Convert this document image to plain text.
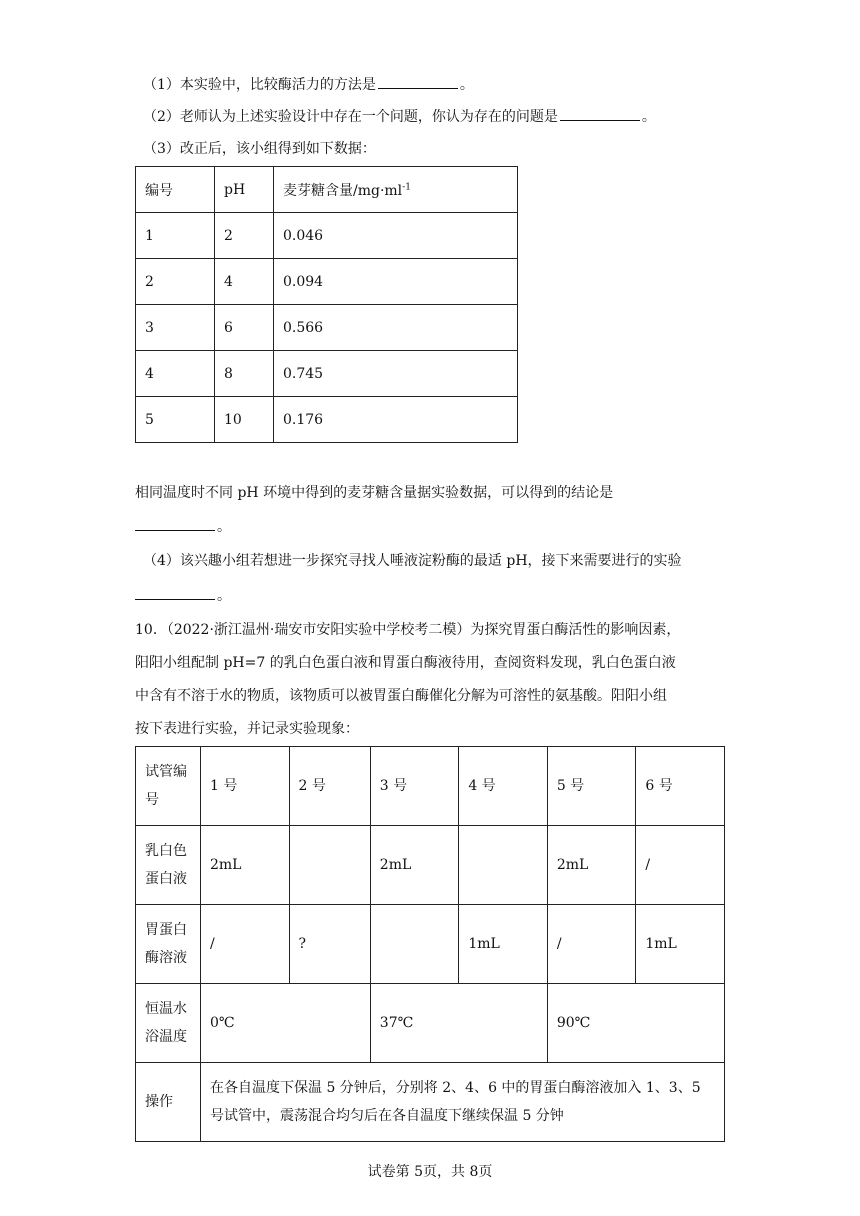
（1）本实验中，比较酶活力的方法是	。
（2）老师认为上述实验设计中存在一个问题，你认为存在的问题是	。
（3）改正后，该小组得到如下数据：
编号	pH	麦芽糖含量$/mg\cdot ml^{-1}$
1	2	0.046
2	4	0.094
3	6	0.566
4	8	0.745
5	10	0.176
相同温度时不同 pH 环境中得到的麦芽糖含量据实验数据，可以得到的结论是
。
（4）该兴趣小组若想进一步探究寻找人唾液淀粉酶的最适 pH，接下来需要进行的实验
。
10．（2022·浙江温州·瑞安市安阳实验中学校考二模）为探究胃蛋白酶活性的影响因素，
阳阳小组配制 pH=7 的乳白色蛋白液和胃蛋白酶液待用，查阅资料发现，乳白色蛋白液
中含有不溶于水的物质，该物质可以被胃蛋白酶催化分解为可溶性的氨基酸。阳阳小组
按下表进行实验，并记录实验现象：
试管编
号	1 号	2 号	3 号	4 号	5 号	6 号
乳白色
蛋白液	2mL		2mL		2mL	/
胃蛋白
酶溶液	/	?		1mL	/	1mL
恒温水
浴温度	0℃		37℃		90℃	
操作	在各自温度下保温 5 分钟后，分别将 2、4、6 中的胃蛋白酶溶液加入 1、3、5
号试管中，震荡混合均匀后在各自温度下继续保温 5 分钟					
试卷第 5页，共 8页
